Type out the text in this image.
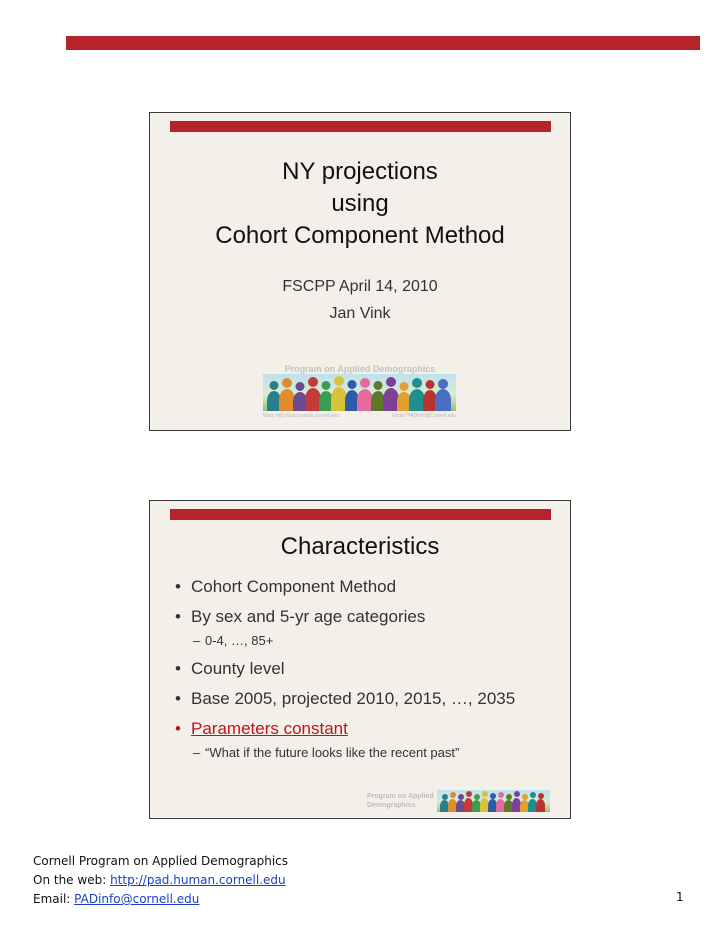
NY projections
using
Cohort Component Method
FSCPP April 14, 2010
Jan Vink
Program on Applied Demographics
Web: http://pad.human.cornell.edu	Email: PADinfo@Cornell.edu
Characteristics
• Cohort Component Method
• By sex and 5-yr age categories
– 0-4, …, 85+
• County level
• Base 2005, projected 2010, 2015, …, 2035
• Parameters constant
– “What if the future looks like the recent past”
Program on Applied Demographics
Cornell Program on Applied Demographics
On the web: http://pad.human.cornell.edu
Email: PADinfo@cornell.edu	1
